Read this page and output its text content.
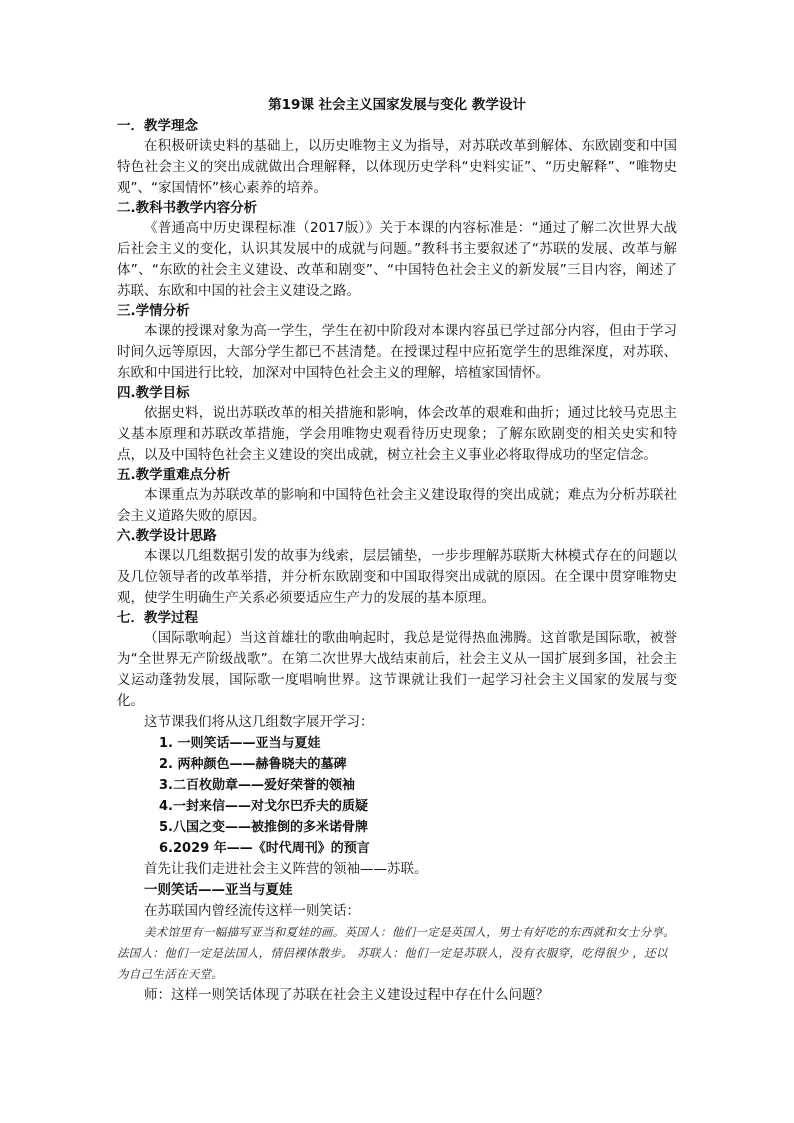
第19课 社会主义国家发展与变化 教学设计

一．教学理念

在积极研读史料的基础上，以历史唯物主义为指导，对苏联改革到解体、东欧剧变和中国特色社会主义的突出成就做出合理解释，以体现历史学科“史料实证”、“历史解释”、“唯物史观”、“家国情怀”核心素养的培养。

二.教科书教学内容分析

《普通高中历史课程标准（2017版）》关于本课的内容标准是：“通过了解二次世界大战后社会主义的变化，认识其发展中的成就与问题。”教科书主要叙述了“苏联的发展、改革与解体”、“东欧的社会主义建设、改革和剧变”、“中国特色社会主义的新发展”三目内容，阐述了苏联、东欧和中国的社会主义建设之路。

三.学情分析

本课的授课对象为高一学生，学生在初中阶段对本课内容虽已学过部分内容，但由于学习时间久远等原因，大部分学生都已不甚清楚。在授课过程中应拓宽学生的思维深度，对苏联、东欧和中国进行比较，加深对中国特色社会主义的理解，培植家国情怀。

四.教学目标

依据史料，说出苏联改革的相关措施和影响，体会改革的艰难和曲折；通过比较马克思主义基本原理和苏联改革措施，学会用唯物史观看待历史现象；了解东欧剧变的相关史实和特点，以及中国特色社会主义建设的突出成就，树立社会主义事业必将取得成功的坚定信念。

五.教学重难点分析

本课重点为苏联改革的影响和中国特色社会主义建设取得的突出成就；难点为分析苏联社会主义道路失败的原因。

六.教学设计思路

本课以几组数据引发的故事为线索，层层铺垫，一步步理解苏联斯大林模式存在的问题以及几位领导者的改革举措，并分析东欧剧变和中国取得突出成就的原因。在全课中贯穿唯物史观，使学生明确生产关系必须要适应生产力的发展的基本原理。

七．教学过程

（国际歌响起）当这首雄壮的歌曲响起时，我总是觉得热血沸腾。这首歌是国际歌，被誉为“全世界无产阶级战歌”。在第二次世界大战结束前后，社会主义从一国扩展到多国，社会主义运动蓬勃发展，国际歌一度唱响世界。这节课就让我们一起学习社会主义国家的发展与变化。

这节课我们将从这几组数字展开学习：

1. 一则笑话——亚当与夏娃

2. 两种颜色——赫鲁晓夫的墓碑

3.二百枚勋章——爱好荣誉的领袖

4.一封来信——对戈尔巴乔夫的质疑

5.八国之变——被推倒的多米诺骨牌

6.2029 年——《时代周刊》的预言

首先让我们走进社会主义阵营的领袖——苏联。

一则笑话——亚当与夏娃

在苏联国内曾经流传这样一则笑话：

美术馆里有一幅描写亚当和夏娃的画。英国人：他们一定是英国人，男士有好吃的东西就和女士分享。 法国人：他们一定是法国人，情侣裸体散步。 苏联人：他们一定是苏联人，没有衣服穿，吃得很少 ，还以为自己生活在天堂。

师：这样一则笑话体现了苏联在社会主义建设过程中存在什么问题？
